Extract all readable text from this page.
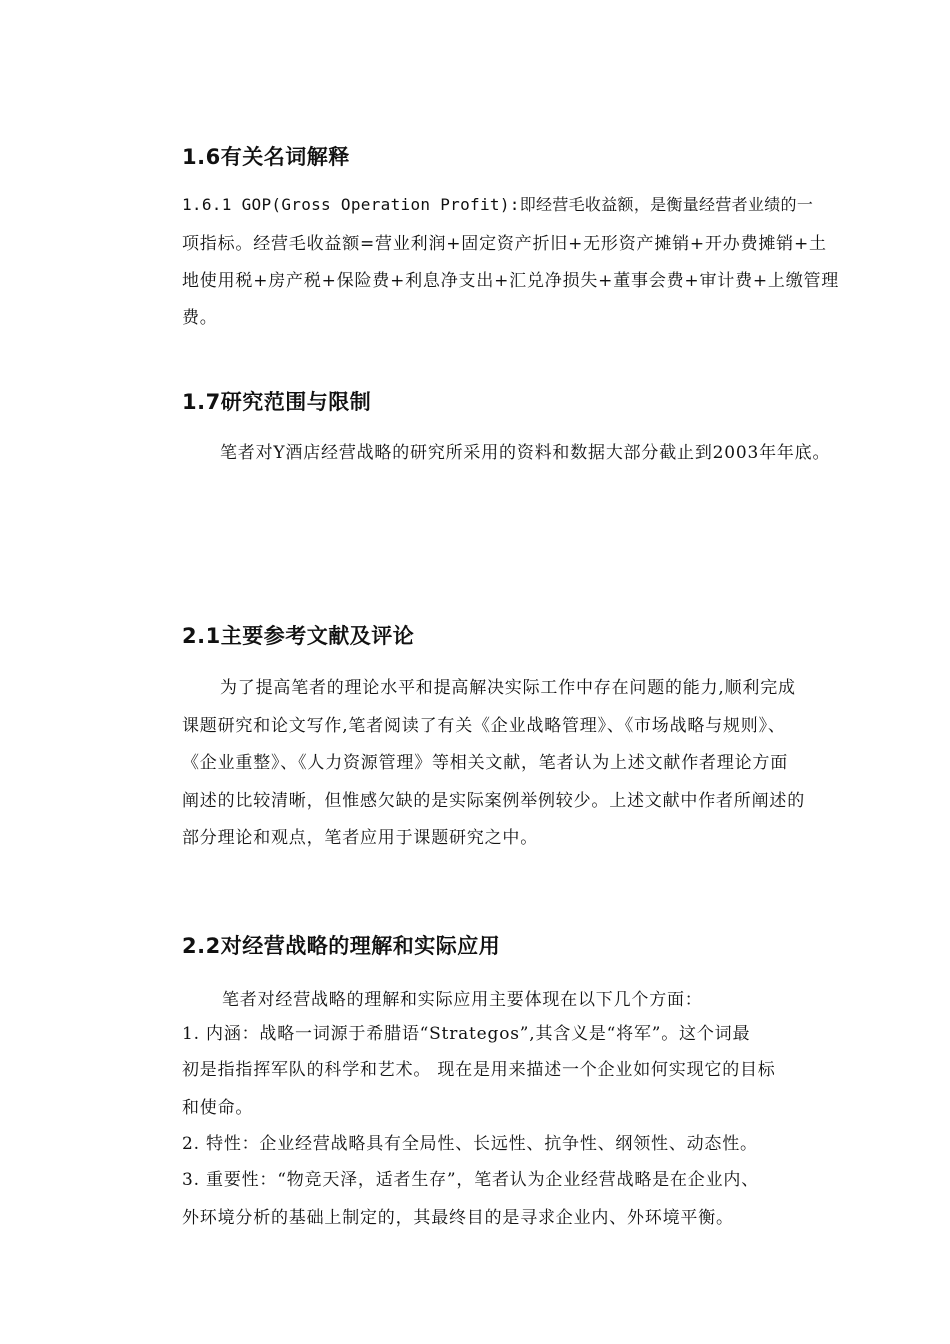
1.6有关名词解释
1.6.1 GOP(Gross Operation Profit):即经营毛收益额，是衡量经营者业绩的一
项指标。经营毛收益额=营业利润+固定资产折旧+无形资产摊销+开办费摊销+土
地使用税+房产税+保险费+利息净支出+汇兑净损失+董事会费+审计费+上缴管理
费。
1.7研究范围与限制
笔者对Y酒店经营战略的研究所采用的资料和数据大部分截止到2003年年底。
2.1主要参考文献及评论
为了提高笔者的理论水平和提高解决实际工作中存在问题的能力,顺利完成
课题研究和论文写作,笔者阅读了有关《企业战略管理》、《市场战略与规则》、
《企业重整》、《人力资源管理》等相关文献，笔者认为上述文献作者理论方面
阐述的比较清晰，但惟感欠缺的是实际案例举例较少。上述文献中作者所阐述的
部分理论和观点，笔者应用于课题研究之中。
2.2对经营战略的理解和实际应用
笔者对经营战略的理解和实际应用主要体现在以下几个方面：
1. 内涵：战略一词源于希腊语“Strategos”,其含义是“将军”。这个词最
初是指指挥军队的科学和艺术。 现在是用来描述一个企业如何实现它的目标
和使命。
2. 特性：企业经营战略具有全局性、长远性、抗争性、纲领性、动态性。
3. 重要性：“物竞天泽，适者生存”，笔者认为企业经营战略是在企业内、
外环境分析的基础上制定的，其最终目的是寻求企业内、外环境平衡。
